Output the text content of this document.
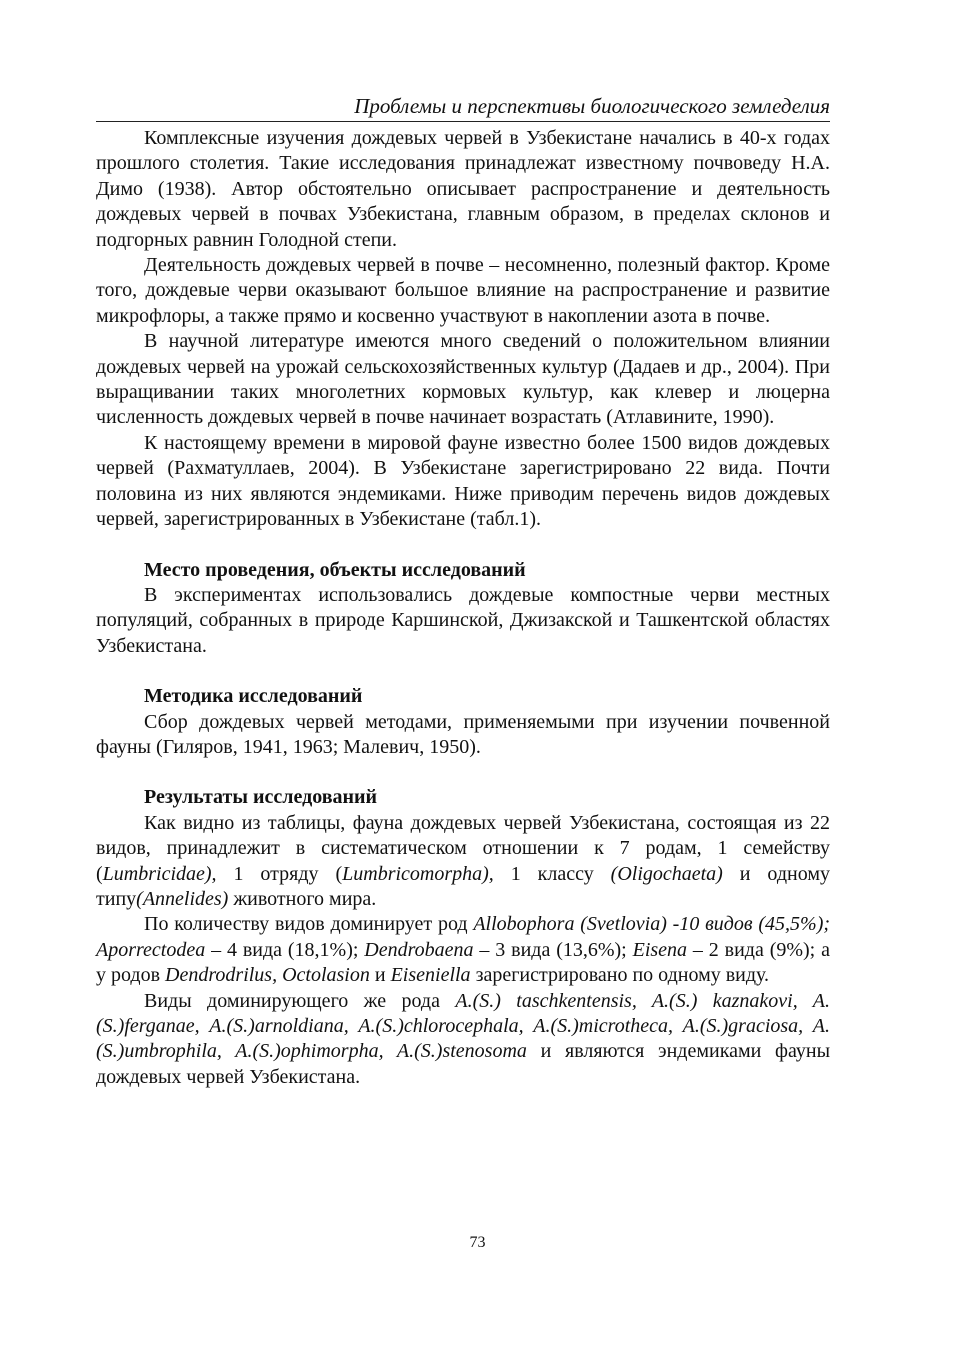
Проблемы и перспективы биологического земледелия

Комплексные изучения дождевых червей в Узбекистане начались в 40-х годах прошлого столетия. Такие исследования принадлежат известному почвоведу Н.А. Димо (1938). Автор обстоятельно описывает распространение и деятельность дождевых червей в почвах Узбекистана, главным образом, в пределах склонов и подгорных равнин Голодной степи.

Деятельность дождевых червей в почве – несомненно, полезный фактор. Кроме того, дождевые черви оказывают большое влияние на распространение и развитие микрофлоры, а также прямо и косвенно участвуют в накоплении азота в почве.

В научной литературе имеются много сведений о положительном влиянии дождевых червей на урожай сельскохозяйственных культур (Дадаев и др., 2004). При выращивании таких многолетних кормовых культур, как клевер и люцерна численность дождевых червей в почве начинает возрастать (Атлавините, 1990).

К настоящему времени в мировой фауне известно более 1500 видов дождевых червей (Рахматуллаев, 2004). В Узбекистане зарегистрировано 22 вида. Почти половина из них являются эндемиками. Ниже приводим перечень видов дождевых червей, зарегистрированных в Узбекистане (табл.1).

Место проведения, объекты исследований

В экспериментах использовались дождевые компостные черви местных популяций, собранных в природе Каршинской, Джизакской и Ташкентской областях Узбекистана.

Методика исследований

Сбор дождевых червей методами, применяемыми при изучении почвенной фауны (Гиляров, 1941, 1963; Малевич, 1950).

Результаты исследований

Как видно из таблицы, фауна дождевых червей Узбекистана, состоящая из 22 видов, принадлежит в систематическом отношении к 7 родам, 1 семейству (Lumbricidae), 1 отряду (Lumbricomorpha), 1 классу (Oligochaeta) и одному типу(Annelides) животного мира.

По количеству видов доминирует род Allobophora (Svetlovia) -10 видов (45,5%); Aporrectodea – 4 вида (18,1%); Dendrobaena – 3 вида (13,6%); Eisena – 2 вида (9%); а у родов Dendrodrilus, Octolasion и Eiseniella зарегистрировано по одному виду.

Виды доминирующего же рода A.(S.) taschkentensis, A.(S.) kaznakovi, A.(S.)ferganae, A.(S.)arnoldiana, A.(S.)chlorocephala, A.(S.)microtheca, A.(S.)graciosa, A.(S.)umbrophila, A.(S.)ophimorpha, A.(S.)stenosoma и являются эндемиками фауны дождевых червей Узбекистана.

73
